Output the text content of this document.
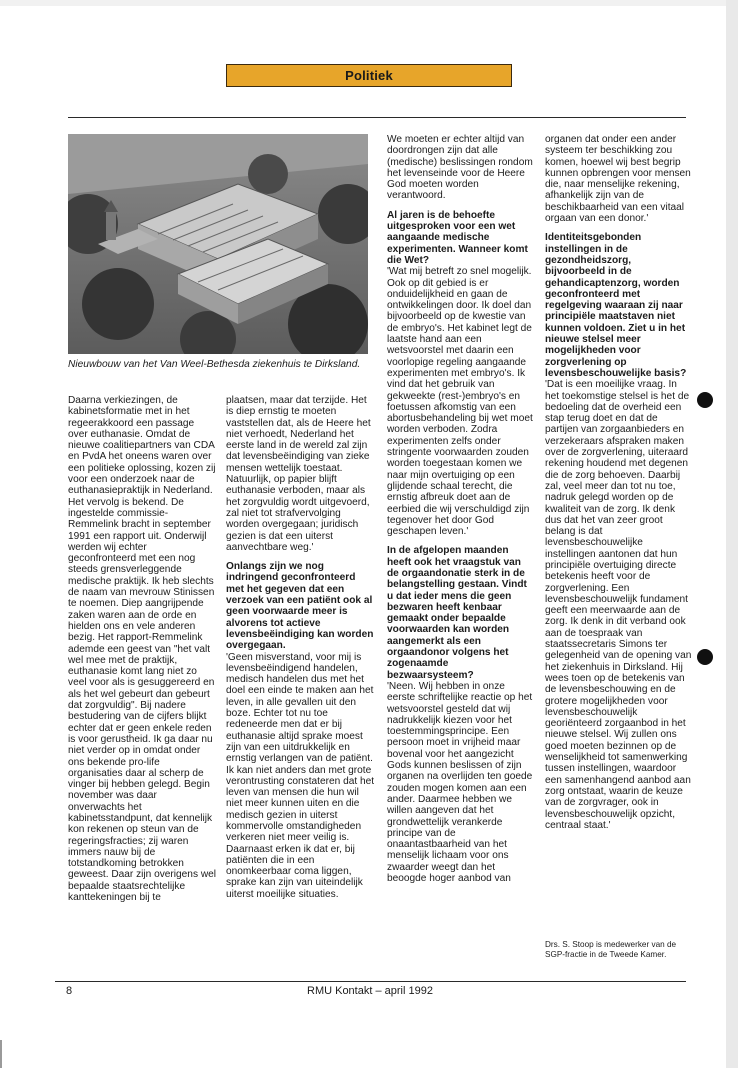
Politiek
Nieuwbouw van het Van Weel-Bethesda ziekenhuis te Dirksland.

Daarna verkiezingen, de kabinetsformatie met in het regeerakkoord een passage over euthanasie. Omdat de nieuwe coalitiepartners van CDA en PvdA het oneens waren over een politieke oplossing, kozen zij voor een onderzoek naar de euthanasiepraktijk in Nederland.

Het vervolg is bekend. De ingestelde commissie-Remmelink bracht in september 1991 een rapport uit. Onderwijl werden wij echter geconfronteerd met een nog steeds grensverleggende medische praktijk. Ik heb slechts de naam van mevrouw Stinissen te noemen. Diep aangrijpende zaken waren aan de orde en hielden ons en vele anderen bezig. Het rapport-Remmelink ademde een geest van "het valt wel mee met de praktijk, euthanasie komt lang niet zo veel voor als is gesuggereerd en als het wel gebeurt dan gebeurt dat zorgvuldig". Bij nadere bestudering van de cijfers blijkt echter dat er geen enkele reden is voor gerustheid. Ik ga daar nu niet verder op in omdat onder ons bekende pro-life organisaties daar al scherp de vinger bij hebben gelegd. Begin november was daar onverwachts het kabinetsstandpunt, dat kennelijk kon rekenen op steun van de regeringsfracties; zij waren immers nauw bij de totstandkoming betrokken geweest. Daar zijn overigens wel bepaalde staatsrechtelijke kanttekeningen bij te

plaatsen, maar dat terzijde. Het is diep ernstig te moeten vaststellen dat, als de Heere het niet verhoedt, Nederland het eerste land in de wereld zal zijn dat levensbeëindiging van zieke mensen wettelijk toestaat. Natuurlijk, op papier blijft euthanasie verboden, maar als het zorgvuldig wordt uitgevoerd, zal niet tot strafvervolging worden overgegaan; juridisch gezien is dat een uiterst aanvechtbare weg.'

Onlangs zijn we nog indringend geconfronteerd met het gegeven dat een verzoek van een patiënt ook al geen voorwaarde meer is alvorens tot actieve levensbeëindiging kan worden overgegaan.

'Geen misverstand, voor mij is levensbeëindigend handelen, medisch handelen dus met het doel een einde te maken aan het leven, in alle gevallen uit den boze. Echter tot nu toe redeneerde men dat er bij euthanasie altijd sprake moest zijn van een uitdrukkelijk en ernstig verlangen van de patiënt. Ik kan niet anders dan met grote verontrusting constateren dat het leven van mensen die hun wil niet meer kunnen uiten en die medisch gezien in uiterst kommervolle omstandigheden verkeren niet meer veilig is. Daarnaast erken ik dat er, bij patiënten die in een onomkeerbaar coma liggen, sprake kan zijn van uiteindelijk uiterst moeilijke situaties.

We moeten er echter altijd van doordrongen zijn dat alle (medische) beslissingen rondom het levenseinde voor de Heere God moeten worden verantwoord.

Al jaren is de behoefte uitgesproken voor een wet aangaande medische experimenten. Wanneer komt die Wet?

'Wat mij betreft zo snel mogelijk. Ook op dit gebied is er onduidelijkheid en gaan de ontwikkelingen door. Ik doel dan bijvoorbeeld op de kwestie van de embryo's. Het kabinet legt de laatste hand aan een wetsvoorstel met daarin een voorlopige regeling aangaande experimenten met embryo's. Ik vind dat het gebruik van gekweekte (rest-)embryo's en foetussen afkomstig van een abortusbehandeling bij wet moet worden verboden. Zodra experimenten zelfs onder stringente voorwaarden zouden worden toegestaan komen we naar mijn overtuiging op een glijdende schaal terecht, die ernstig afbreuk doet aan de eerbied die wij verschuldigd zijn tegenover het door God geschapen leven.'

In de afgelopen maanden heeft ook het vraagstuk van de orgaandonatie sterk in de belangstelling gestaan. Vindt u dat ieder mens die geen bezwaren heeft kenbaar gemaakt onder bepaalde voorwaarden kan worden aangemerkt als een orgaandonor volgens het zogenaamde bezwaarsysteem?

'Neen. Wij hebben in onze eerste schriftelijke reactie op het wetsvoorstel gesteld dat wij nadrukkelijk kiezen voor het toestemmingsprincipe. Een persoon moet in vrijheid maar bovenal voor het aangezicht Gods kunnen beslissen of zijn organen na overlijden ten goede zouden mogen komen aan een ander. Daarmee hebben we willen aangeven dat het grondwettelijk verankerde principe van de onaantastbaarheid van het menselijk lichaam voor ons zwaarder weegt dan het beoogde hoger aanbod van

organen dat onder een ander systeem ter beschikking zou komen, hoewel wij best begrip kunnen opbrengen voor mensen die, naar menselijke rekening, afhankelijk zijn van de beschikbaarheid van een vitaal orgaan van een donor.'

Identiteitsgebonden instellingen in de gezondheidszorg, bijvoorbeeld in de gehandicaptenzorg, worden geconfronteerd met regelgeving waaraan zij naar principiële maatstaven niet kunnen voldoen. Ziet u in het nieuwe stelsel meer mogelijkheden voor zorgverlening op levensbeschouwelijke basis?

'Dat is een moeilijke vraag. In het toekomstige stelsel is het de bedoeling dat de overheid een stap terug doet en dat de partijen van zorgaanbieders en verzekeraars afspraken maken over de zorgverlening, uiteraard rekening houdend met degenen die de zorg behoeven. Daarbij zal, veel meer dan tot nu toe, nadruk gelegd worden op de kwaliteit van de zorg. Ik denk dus dat het van zeer groot belang is dat levensbeschouwelijke instellingen aantonen dat hun principiële overtuiging directe betekenis heeft voor de zorgverlening. Een levensbeschouwelijk fundament geeft een meerwaarde aan de zorg. Ik denk in dit verband ook aan de toespraak van staatssecretaris Simons ter gelegenheid van de opening van het ziekenhuis in Dirksland. Hij wees toen op de betekenis van de levensbeschouwing en de grotere mogelijkheden voor levensbeschouwelijk georiënteerd zorgaanbod in het nieuwe stelsel. Wij zullen ons goed moeten bezinnen op de wenselijkheid tot samenwerking tussen instellingen, waardoor een samenhangend aanbod aan zorg ontstaat, waarin de keuze van de zorgvrager, ook in levensbeschouwelijk opzicht, centraal staat.'

Drs. S. Stoop is medewerker van de SGP-fractie in de Tweede Kamer.
8	RMU Kontakt – april 1992
